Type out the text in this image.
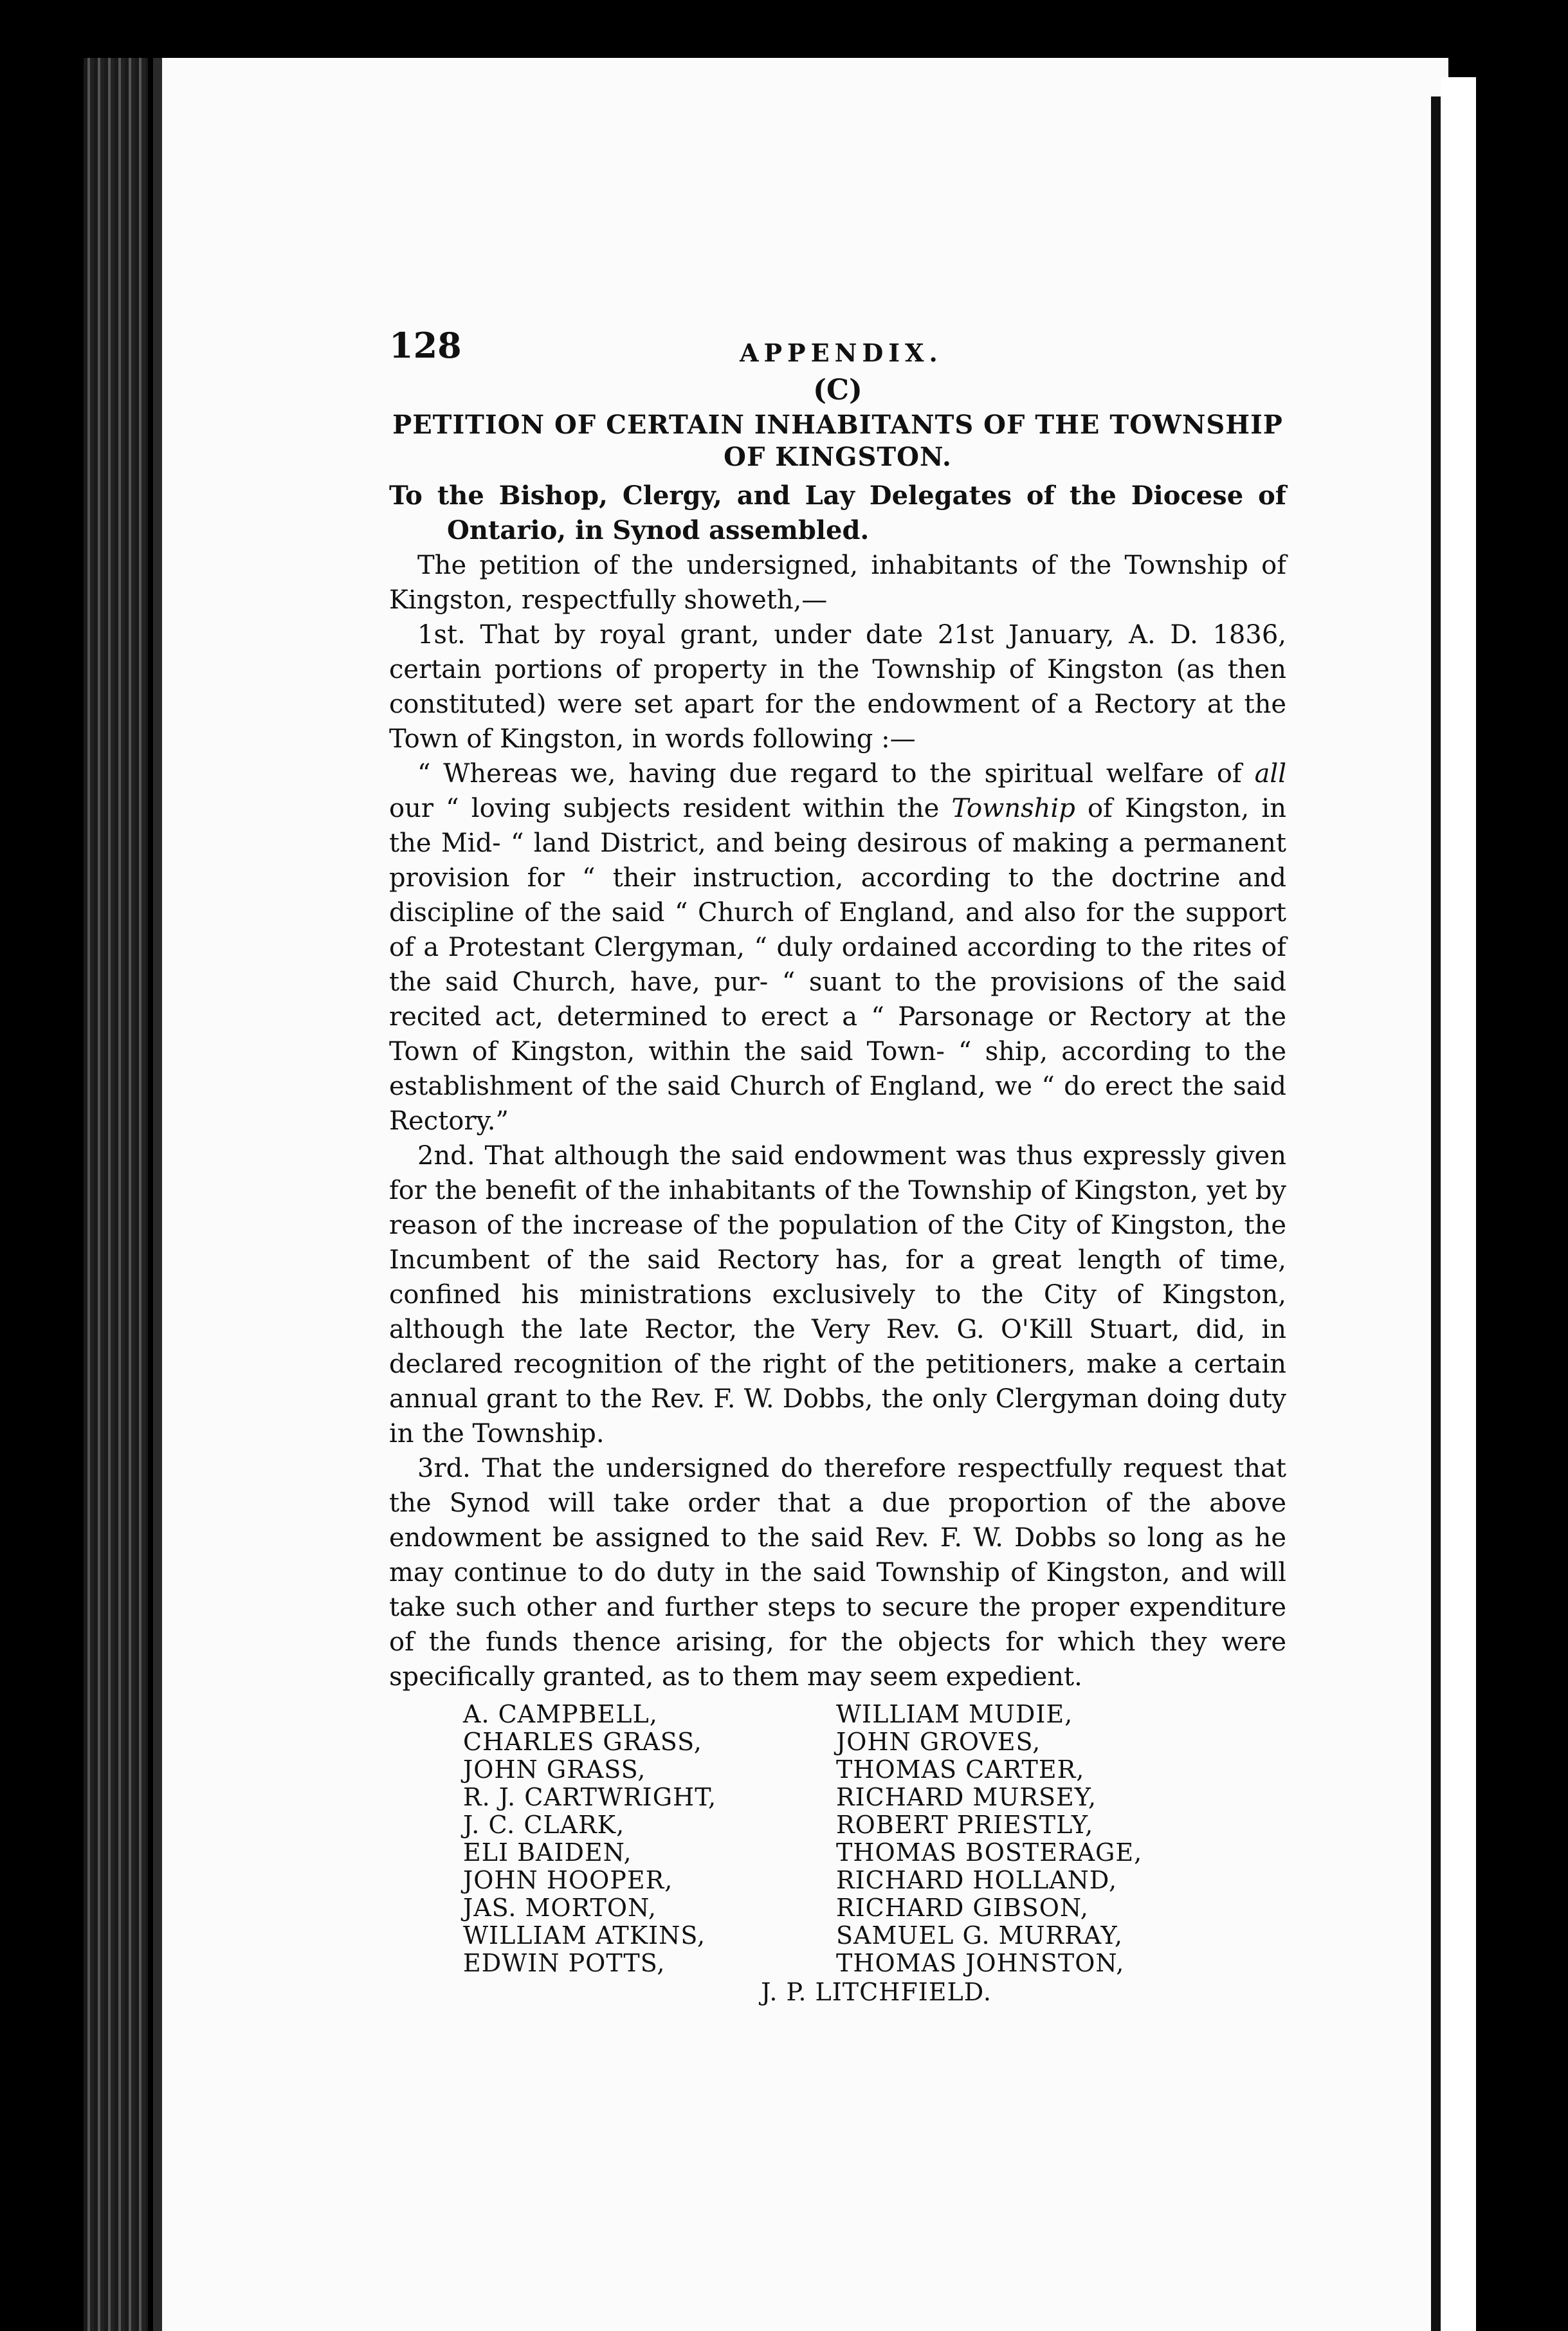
128	APPENDIX.
(C)
PETITION OF CERTAIN INHABITANTS OF THE TOWNSHIP
OF KINGSTON.

To the Bishop, Clergy, and Lay Delegates of the Diocese of Ontario, in Synod assembled.

The petition of the undersigned, inhabitants of the Township of Kingston, respectfully showeth,—

1st. That by royal grant, under date 21st January, A. D. 1836, certain portions of property in the Township of Kingston (as then constituted) were set apart for the endowment of a Rectory at the Town of Kingston, in words following :—

“ Whereas we, having due regard to the spiritual welfare of all our “ loving subjects resident within the Township of Kingston, in the Mid- “ land District, and being desirous of making a permanent provision for “ their instruction, according to the doctrine and discipline of the said “ Church of England, and also for the support of a Protestant Clergyman, “ duly ordained according to the rites of the said Church, have, pur- “ suant to the provisions of the said recited act, determined to erect a “ Parsonage or Rectory at the Town of Kingston, within the said Town- “ ship, according to the establishment of the said Church of England, we “ do erect the said Rectory.”

2nd. That although the said endowment was thus expressly given for the benefit of the inhabitants of the Township of Kingston, yet by reason of the increase of the population of the City of Kingston, the Incumbent of the said Rectory has, for a great length of time, confined his ministrations exclusively to the City of Kingston, although the late Rector, the Very Rev. G. O'Kill Stuart, did, in declared recognition of the right of the petitioners, make a certain annual grant to the Rev. F. W. Dobbs, the only Clergyman doing duty in the Township.

3rd. That the undersigned do therefore respectfully request that the Synod will take order that a due proportion of the above endowment be assigned to the said Rev. F. W. Dobbs so long as he may continue to do duty in the said Township of Kingston, and will take such other and further steps to secure the proper expenditure of the funds thence arising, for the objects for which they were specifically granted, as to them may seem expedient.

A. CAMPBELL,
CHARLES GRASS,
JOHN GRASS,
R. J. CARTWRIGHT,
J. C. CLARK,
ELI BAIDEN,
JOHN HOOPER,
JAS. MORTON,
WILLIAM ATKINS,
EDWIN POTTS,
WILLIAM MUDIE,
JOHN GROVES,
THOMAS CARTER,
RICHARD MURSEY,
ROBERT PRIESTLY,
THOMAS BOSTERAGE,
RICHARD HOLLAND,
RICHARD GIBSON,
SAMUEL G. MURRAY,
THOMAS JOHNSTON,
J. P. LITCHFIELD.
